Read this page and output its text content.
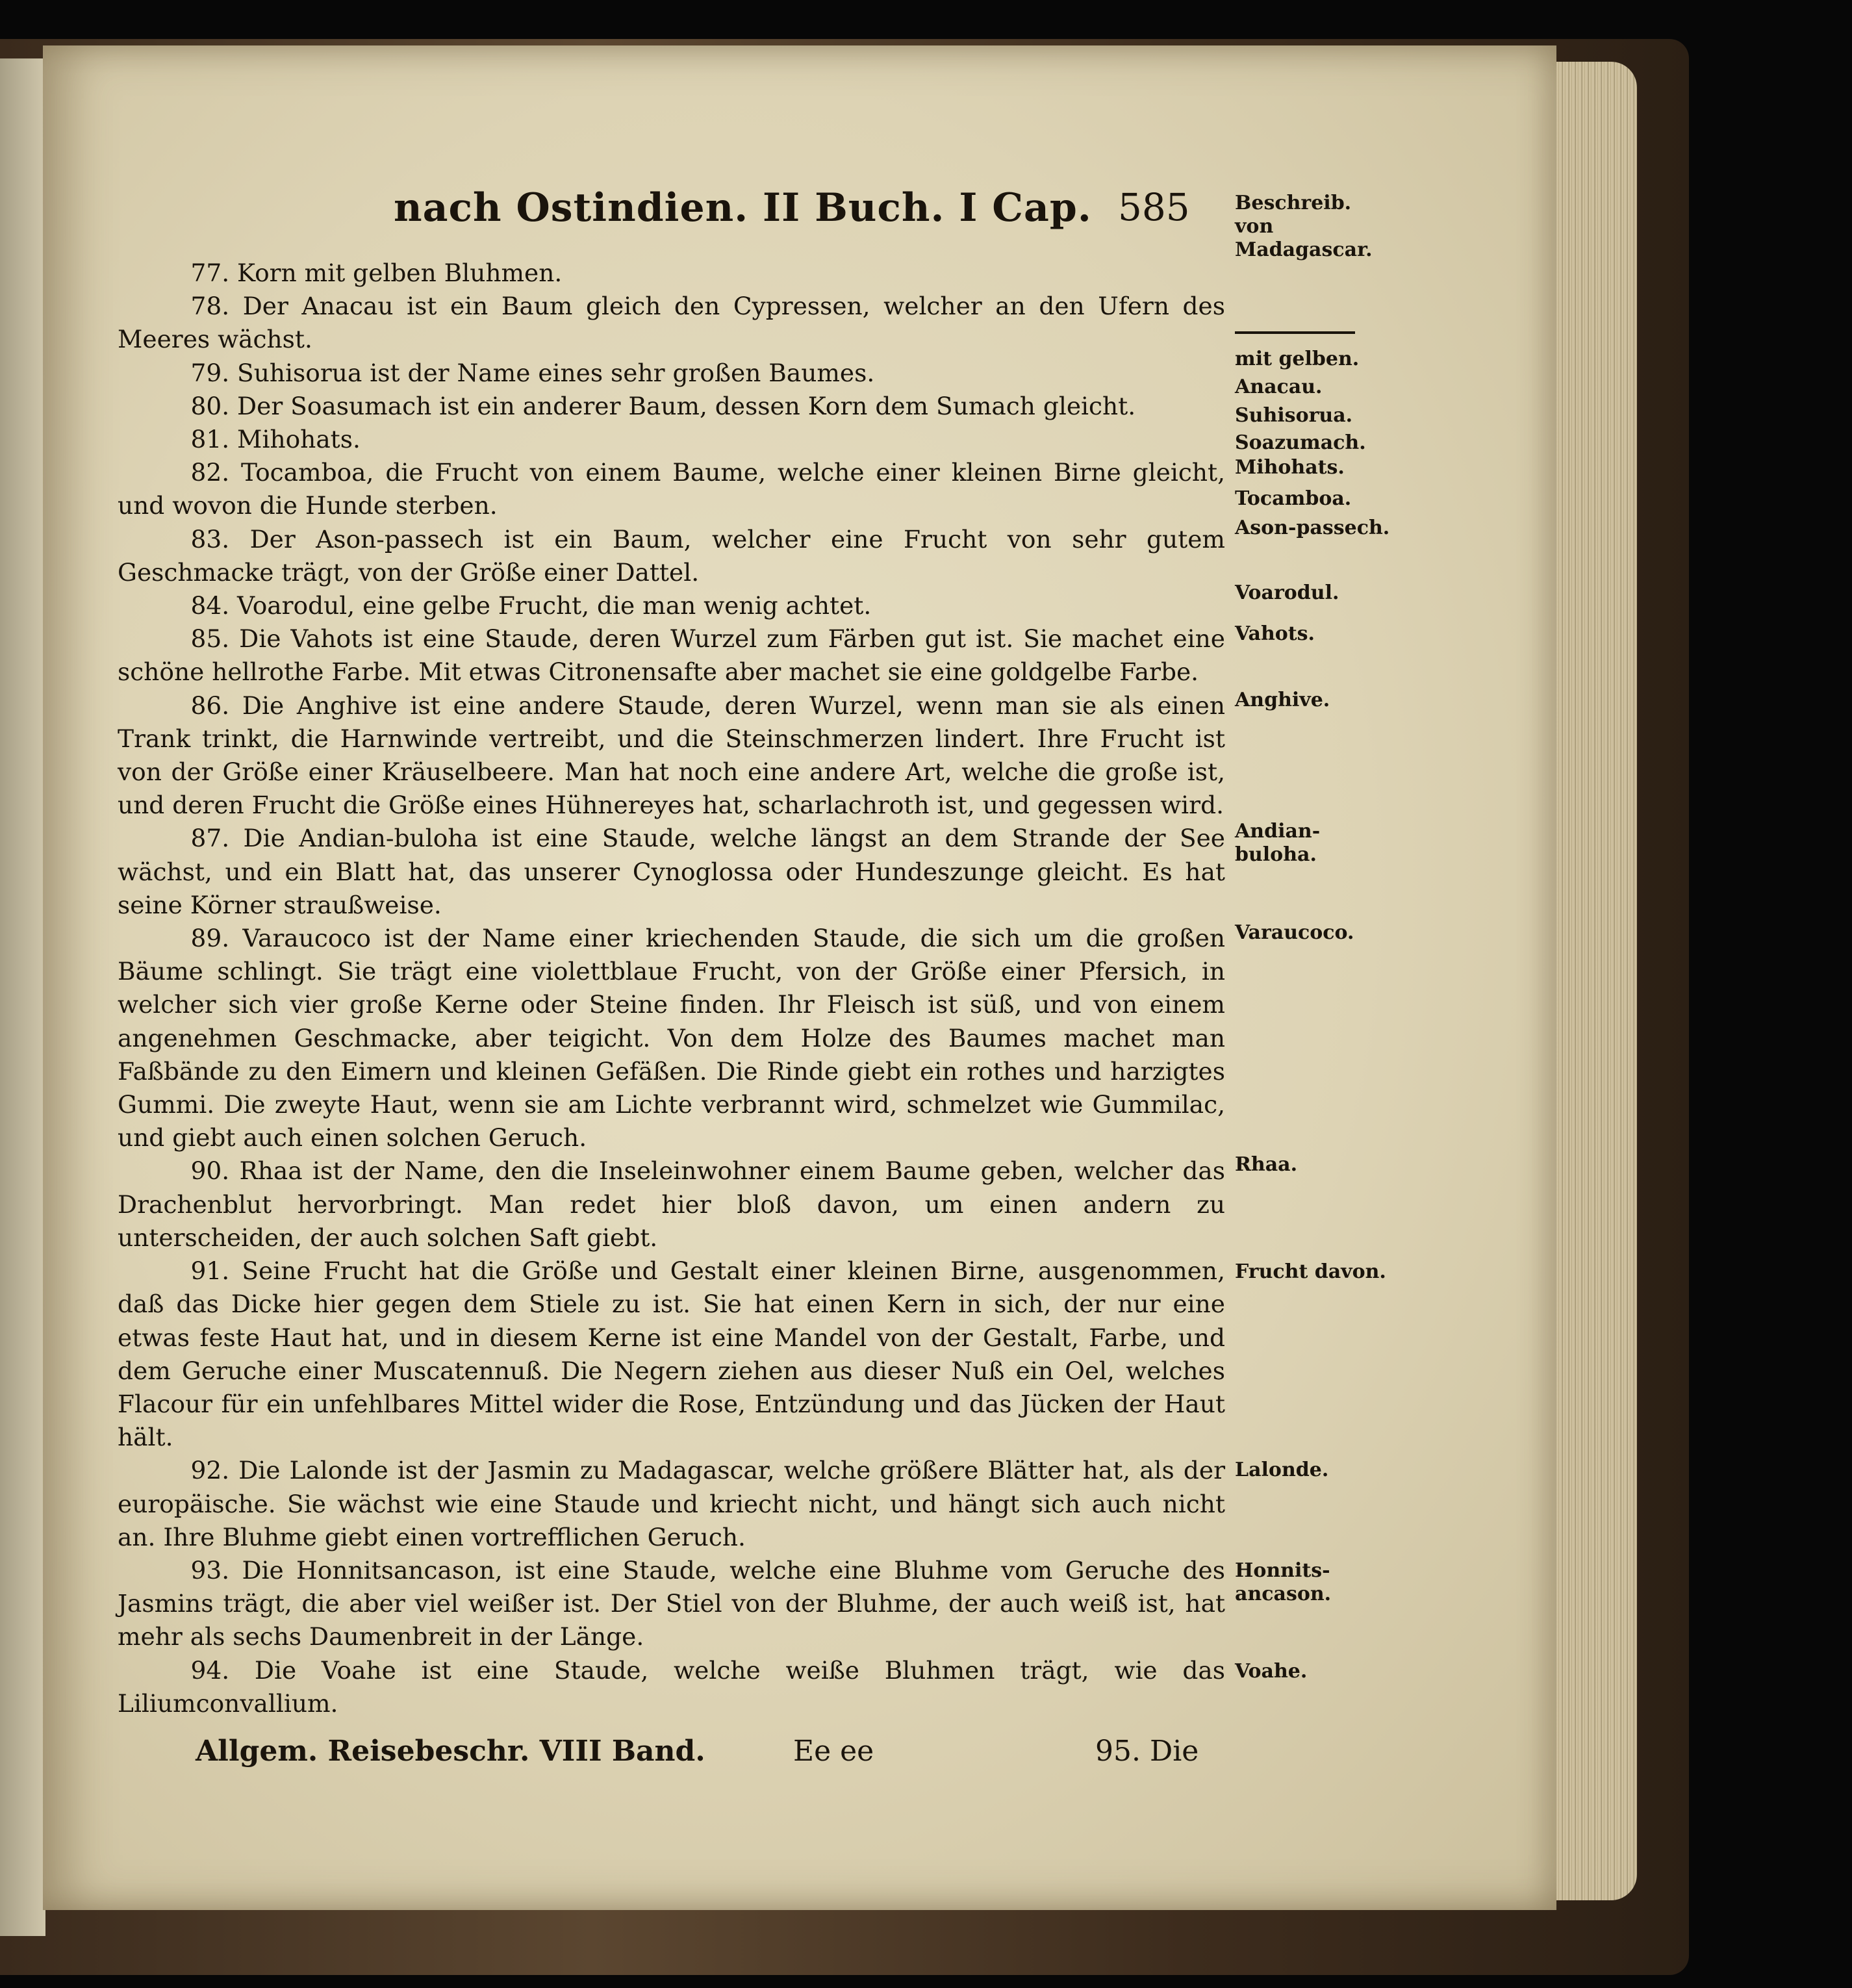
nach Ostindien. II Buch. I Cap. 585

77. Korn mit gelben Bluhmen.

78. Der Anacau ist ein Baum gleich den Cypressen, welcher an den Ufern des Meeres wächst.

79. Suhisorua ist der Name eines sehr großen Baumes.

80. Der Soasumach ist ein anderer Baum, dessen Korn dem Sumach gleicht.

81. Mihohats.

82. Tocamboa, die Frucht von einem Baume, welche einer kleinen Birne gleicht, und wovon die Hunde sterben.

83. Der Ason-passech ist ein Baum, welcher eine Frucht von sehr gutem Geschmacke trägt, von der Größe einer Dattel.

84. Voarodul, eine gelbe Frucht, die man wenig achtet.

85. Die Vahots ist eine Staude, deren Wurzel zum Färben gut ist. Sie machet eine schöne hellrothe Farbe. Mit etwas Citronensafte aber machet sie eine goldgelbe Farbe.

86. Die Anghive ist eine andere Staude, deren Wurzel, wenn man sie als einen Trank trinkt, die Harnwinde vertreibt, und die Steinschmerzen lindert. Ihre Frucht ist von der Größe einer Kräuselbeere. Man hat noch eine andere Art, welche die große ist, und deren Frucht die Größe eines Hühnereyes hat, scharlachroth ist, und gegessen wird.

87. Die Andian-buloha ist eine Staude, welche längst an dem Strande der See wächst, und ein Blatt hat, das unserer Cynoglossa oder Hundeszunge gleicht. Es hat seine Körner straußweise.

89. Varaucoco ist der Name einer kriechenden Staude, die sich um die großen Bäume schlingt. Sie trägt eine violettblaue Frucht, von der Größe einer Pfersich, in welcher sich vier große Kerne oder Steine finden. Ihr Fleisch ist süß, und von einem angenehmen Geschmacke, aber teigicht. Von dem Holze des Baumes machet man Faßbände zu den Eimern und kleinen Gefäßen. Die Rinde giebt ein rothes und harzigtes Gummi. Die zweyte Haut, wenn sie am Lichte verbrannt wird, schmelzet wie Gummilac, und giebt auch einen solchen Geruch.

90. Rhaa ist der Name, den die Inseleinwohner einem Baume geben, welcher das Drachenblut hervorbringt. Man redet hier bloß davon, um einen andern zu unterscheiden, der auch solchen Saft giebt.

91. Seine Frucht hat die Größe und Gestalt einer kleinen Birne, ausgenommen, daß das Dicke hier gegen dem Stiele zu ist. Sie hat einen Kern in sich, der nur eine etwas feste Haut hat, und in diesem Kerne ist eine Mandel von der Gestalt, Farbe, und dem Geruche einer Muscatennuß. Die Negern ziehen aus dieser Nuß ein Oel, welches Flacour für ein unfehlbares Mittel wider die Rose, Entzündung und das Jücken der Haut hält.

92. Die Lalonde ist der Jasmin zu Madagascar, welche größere Blätter hat, als der europäische. Sie wächst wie eine Staude und kriecht nicht, und hängt sich auch nicht an. Ihre Bluhme giebt einen vortrefflichen Geruch.

93. Die Honnitsancason, ist eine Staude, welche eine Bluhme vom Geruche des Jasmins trägt, die aber viel weißer ist. Der Stiel von der Bluhme, der auch weiß ist, hat mehr als sechs Daumenbreit in der Länge.

94. Die Voahe ist eine Staude, welche weiße Bluhmen trägt, wie das Liliumconvallium.

Beschreib. von Madagascar.
mit gelben.
Anacau.
Suhisorua.
Soazumach.
Mihohats.
Tocamboa.
Ason-passech.
Voarodul.
Vahots.
Anghive.
Andian-buloha.
Varaucoco.
Rhaa.
Frucht davon.
Lalonde.
Honnits-ancason.
Voahe.
Allgem. Reisebeschr. VIII Band.	Ee ee	95. Die
